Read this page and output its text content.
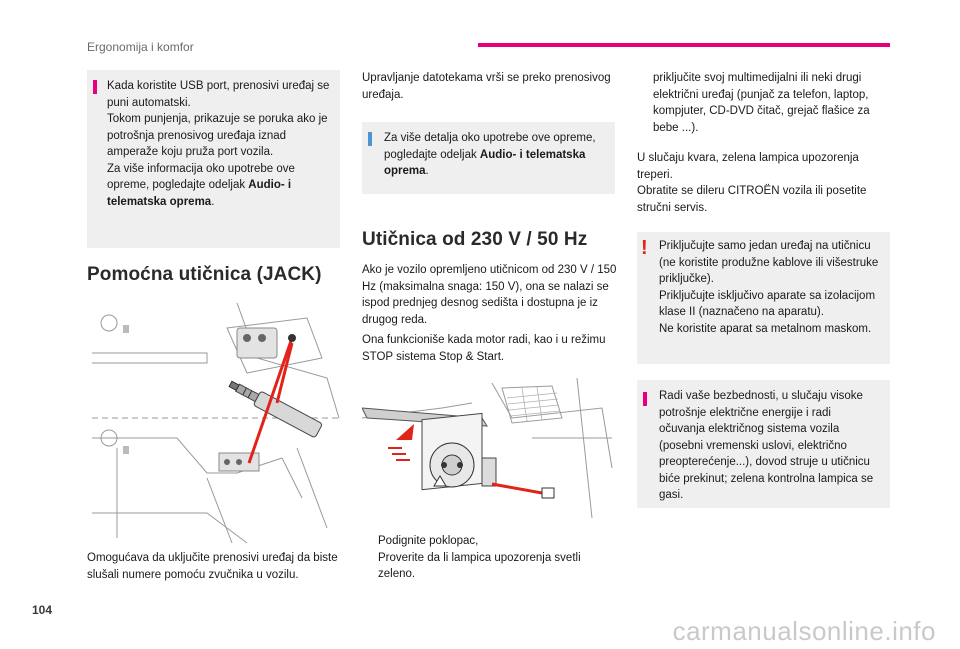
Ergonomija i komfor

Kada koristite USB port, prenosivi uređaj se puni automatski.

Tokom punjenja, prikazuje se poruka ako je potrošnja prenosivog uređaja iznad amperaže koju pruža port vozila.

Za više informacija oko upotrebe ove opreme, pogledajte odeljak Audio- i telematska oprema.

Pomoćna utičnica (JACK)
Omogućava da uključite prenosivi uređaj da biste slušali numere pomoću zvučnika u vozilu.
Upravljanje datotekama vrši se preko prenosivog uređaja.

Za više detalja oko upotrebe ove opreme, pogledajte odeljak Audio- i telematska oprema.

Utičnica od 230 V / 50 Hz
Ako je vozilo opremljeno utičnicom od 230 V / 150 Hz (maksimalna snaga: 150 V), ona se nalazi se ispod prednjeg desnog sedišta i dostupna je iz drugog reda.
Ona funkcioniše kada motor radi, kao i u režimu STOP sistema Stop & Start.
Podignite poklopac,
Proverite da li lampica upozorenja svetli zeleno.
priključite svoj multimedijalni ili neki drugi električni uređaj (punjač za telefon, laptop, kompjuter, CD-DVD čitač, grejač flašice za bebe ...).

U slučaju kvara, zelena lampica upozorenja treperi.

Obratite se dileru CITROËN vozila ili posetite stručni servis.

! Priključujte samo jedan uređaj na utičnicu (ne koristite produžne kablove ili višestruke priključke).

Priključujte isključivo aparate sa izolacijom klase II (naznačeno na aparatu).

Ne koristite aparat sa metalnom maskom.

Radi vaše bezbednosti, u slučaju visoke potrošnje električne energije i radi očuvanja električnog sistema vozila (posebni vremenski uslovi, električno preopterećenje...), dovod struje u utičnicu biće prekinut; zelena kontrolna lampica se gasi.

104
carmanualsonline.info
